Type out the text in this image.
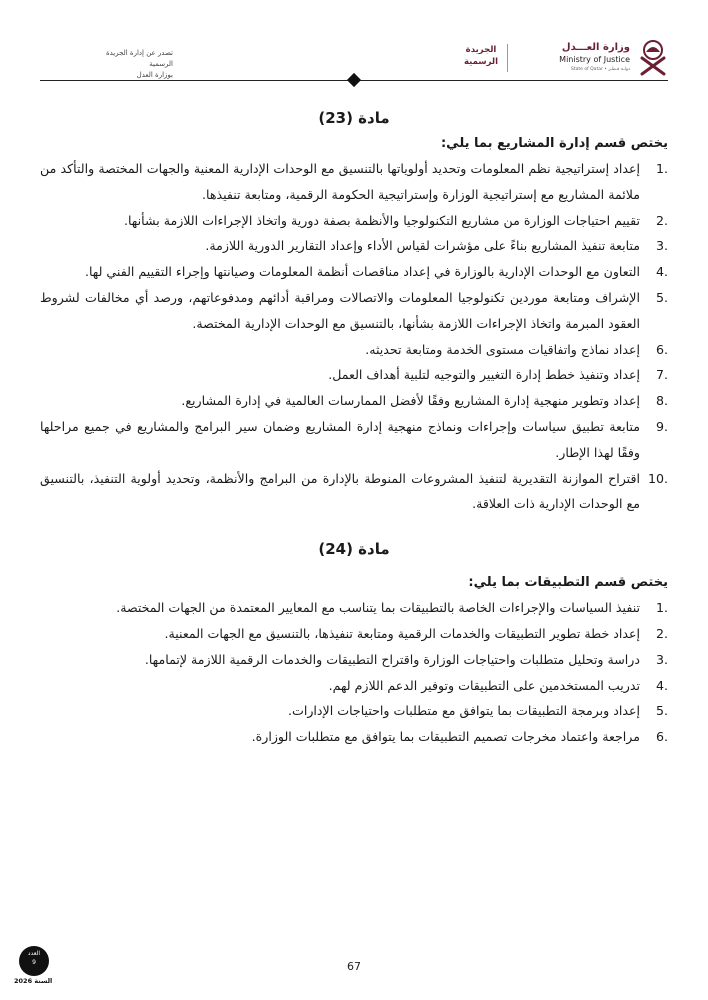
تصدر عن إدارة الجريدة الرسمية
بوزارة العدل
وزارة العـــدل
Ministry of Justice
State of Qatar • دولـة قـطـر
الجريدة
الرسمية
مادة (23)

يختص قسم إدارة المشاريع بما يلي:

1.
إعداد إستراتيجية نظم المعلومات وتحديد أولوياتها بالتنسيق مع الوحدات الإدارية المعنية والجهات المختصة والتأكد من ملائمة المشاريع مع إستراتيجية الوزارة وإستراتيجية الحكومة الرقمية، ومتابعة تنفيذها.
2.
تقييم احتياجات الوزارة من مشاريع التكنولوجيا والأنظمة بصفة دورية واتخاذ الإجراءات اللازمة بشأنها.
3.
متابعة تنفيذ المشاريع بناءً على مؤشرات لقياس الأداء وإعداد التقارير الدورية اللازمة.
4.
التعاون مع الوحدات الإدارية بالوزارة في إعداد مناقصات أنظمة المعلومات وصيانتها وإجراء التقييم الفني لها.
5.
الإشراف ومتابعة موردين تكنولوجيا المعلومات والاتصالات ومراقبة أدائهم ومدفوعاتهم، ورصد أي مخالفات لشروط العقود المبرمة واتخاذ الإجراءات اللازمة بشأنها، بالتنسيق مع الوحدات الإدارية المختصة.
6.
إعداد نماذج واتفاقيات مستوى الخدمة ومتابعة تحديثه.
7.
إعداد وتنفيذ خطط إدارة التغيير والتوجيه لتلبية أهداف العمل.
8.
إعداد وتطوير منهجية إدارة المشاريع وفقًا لأفضل الممارسات العالمية في إدارة المشاريع.
9.
متابعة تطبيق سياسات وإجراءات ونماذج منهجية إدارة المشاريع وضمان سير البرامج والمشاريع في جميع مراحلها وفقًا لهذا الإطار.
10.
اقتراح الموازنة التقديرية لتنفيذ المشروعات المنوطة بالإدارة من البرامج والأنظمة، وتحديد أولوية التنفيذ، بالتنسيق مع الوحدات الإدارية ذات العلاقة.
مادة (24)

يختص قسم التطبيقات بما يلي:

1.
تنفيذ السياسات والإجراءات الخاصة بالتطبيقات بما يتناسب مع المعايير المعتمدة من الجهات المختصة.
2.
إعداد خطة تطوير التطبيقات والخدمات الرقمية ومتابعة تنفيذها، بالتنسيق مع الجهات المعنية.
3.
دراسة وتحليل متطلبات واحتياجات الوزارة واقتراح التطبيقات والخدمات الرقمية اللازمة لإتمامها.
4.
تدريب المستخدمين على التطبيقات وتوفير الدعم اللازم لهم.
5.
إعداد وبرمجة التطبيقات بما يتوافق مع متطلبات واحتياجات الإدارات.
6.
مراجعة واعتماد مخرجات تصميم التطبيقات بما يتوافق مع متطلبات الوزارة.
67
العدد
9
السنة 2026
